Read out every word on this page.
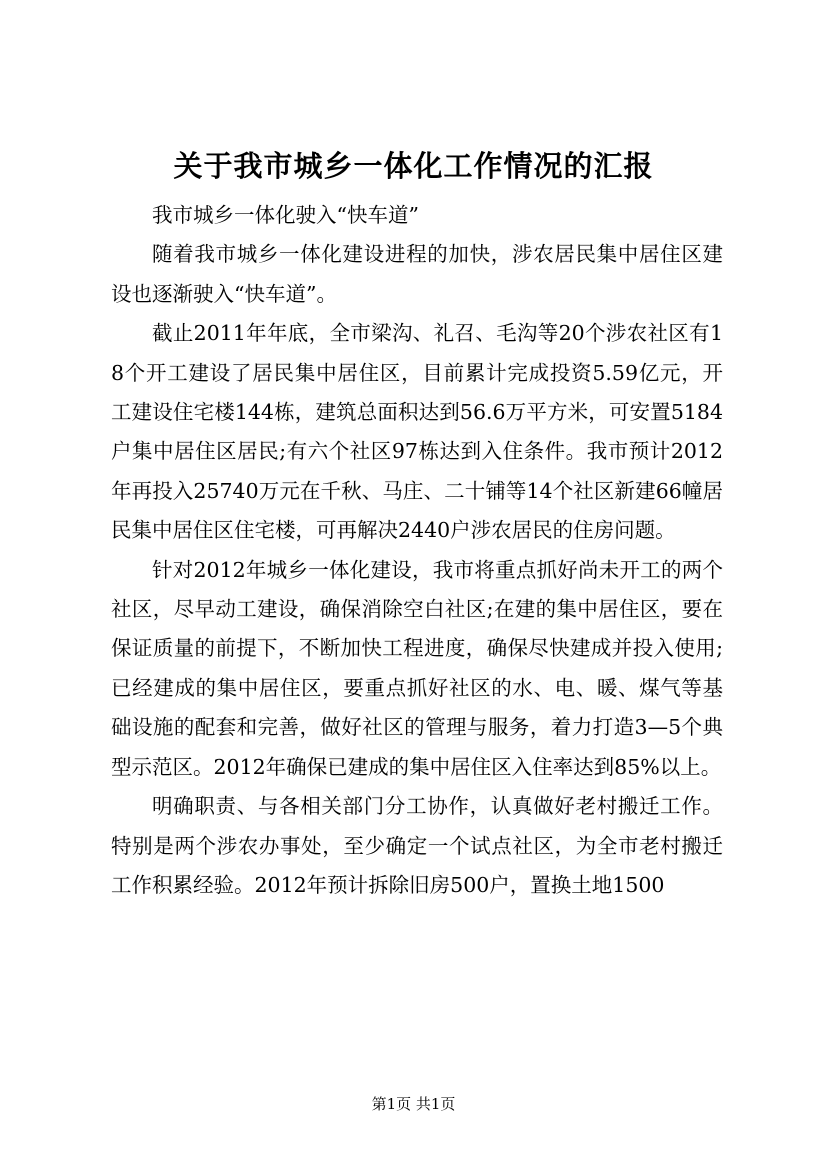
关于我市城乡一体化工作情况的汇报

我市城乡一体化驶入“快车道”

随着我市城乡一体化建设进程的加快，涉农居民集中居住区建设也逐渐驶入“快车道”。

截止2011年年底，全市梁沟、礼召、毛沟等20个涉农社区有18个开工建设了居民集中居住区，目前累计完成投资5.59亿元，开工建设住宅楼144栋，建筑总面积达到56.6万平方米，可安置5184户集中居住区居民;有六个社区97栋达到入住条件。我市预计2012年再投入25740万元在千秋、马庄、二十铺等14个社区新建66幢居民集中居住区住宅楼，可再解决2440户涉农居民的住房问题。

针对2012年城乡一体化建设，我市将重点抓好尚未开工的两个社区，尽早动工建设，确保消除空白社区;在建的集中居住区，要在保证质量的前提下，不断加快工程进度，确保尽快建成并投入使用;已经建成的集中居住区，要重点抓好社区的水、电、暖、煤气等基础设施的配套和完善，做好社区的管理与服务，着力打造3—5个典型示范区。2012年确保已建成的集中居住区入住率达到85%以上。

明确职责、与各相关部门分工协作，认真做好老村搬迁工作。特别是两个涉农办事处，至少确定一个试点社区，为全市老村搬迁工作积累经验。2012年预计拆除旧房500户，置换土地1500

第1页 共1页
